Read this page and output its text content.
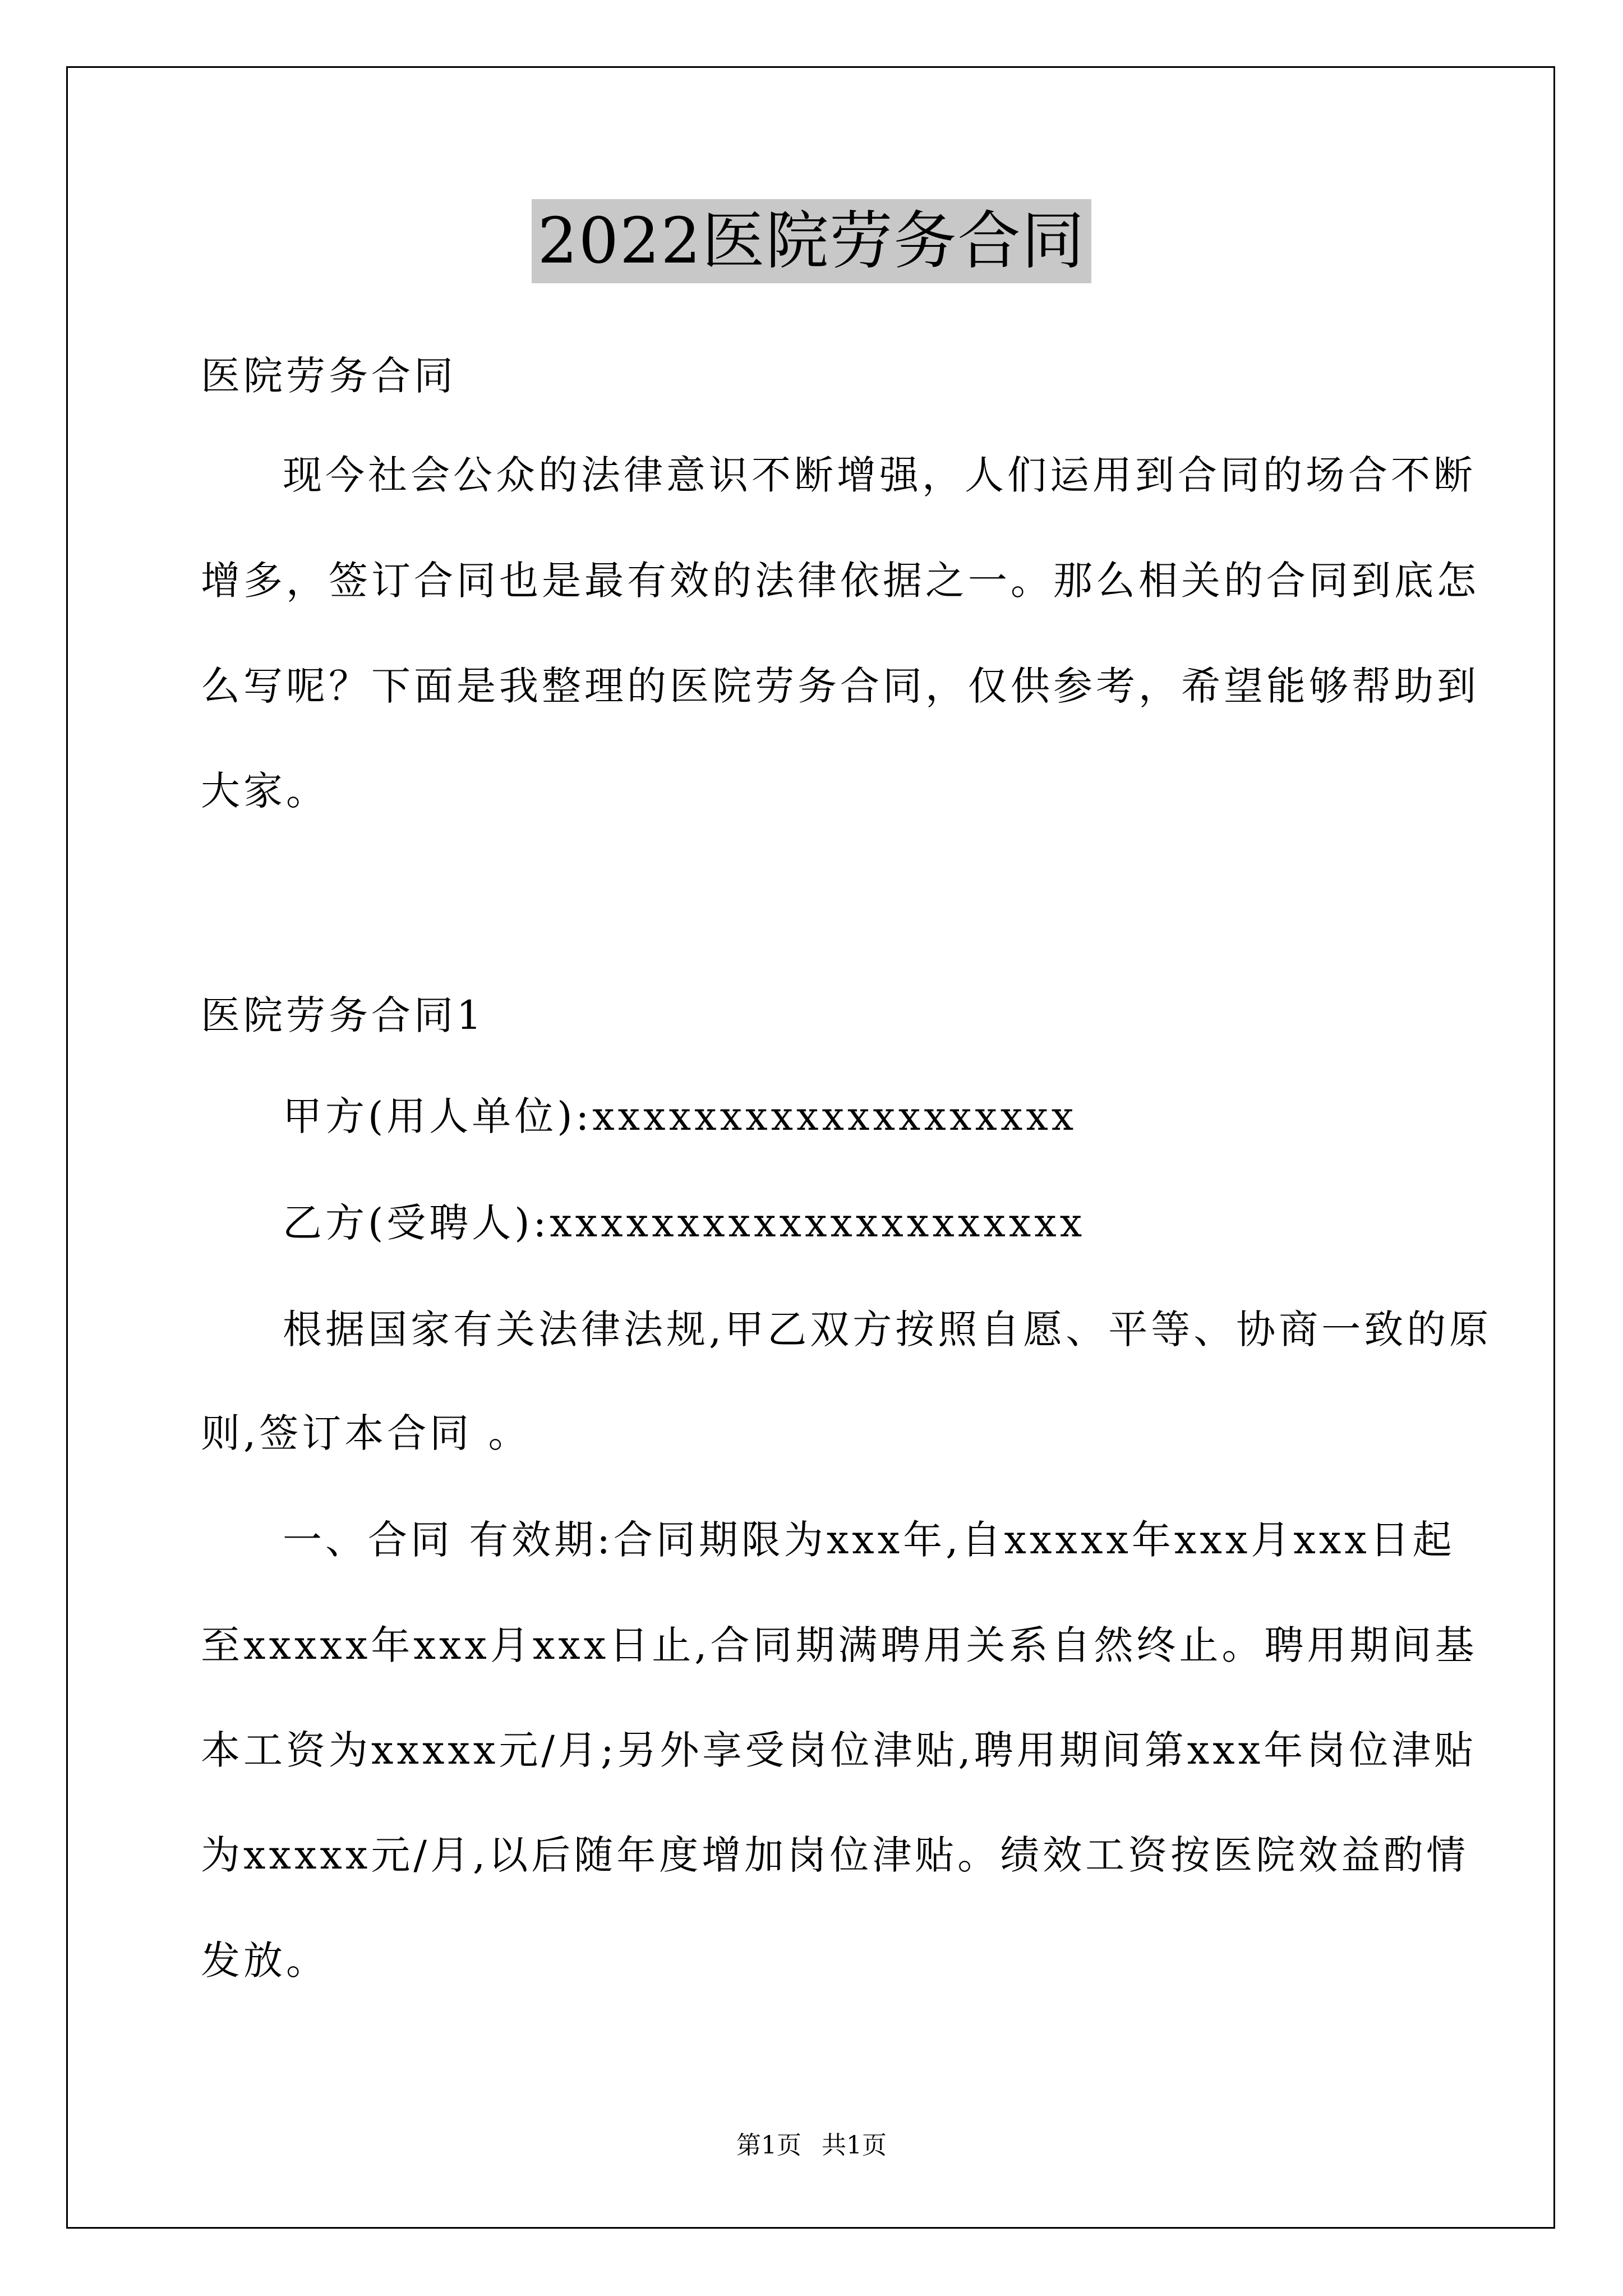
2022医院劳务合同
医院劳务合同
现今社会公众的法律意识不断增强，人们运用到合同的场合不断
增多，签订合同也是最有效的法律依据之一。那么相关的合同到底怎
么写呢？下面是我整理的医院劳务合同，仅供参考，希望能够帮助到
大家。
医院劳务合同1
甲方(用人单位):xxxxxxxxxxxxxxxxxxx
乙方(受聘人):xxxxxxxxxxxxxxxxxxxxx
根据国家有关法律法规,甲乙双方按照自愿、平等、协商一致的原
则,签订本合同 。
一、合同 有效期:合同期限为xxx年,自xxxxx年xxx月xxx日起
至xxxxx年xxx月xxx日止,合同期满聘用关系自然终止。聘用期间基
本工资为xxxxx元/月;另外享受岗位津贴,聘用期间第xxx年岗位津贴
为xxxxx元/月,以后随年度增加岗位津贴。绩效工资按医院效益酌情
发放。
第1页 共1页
